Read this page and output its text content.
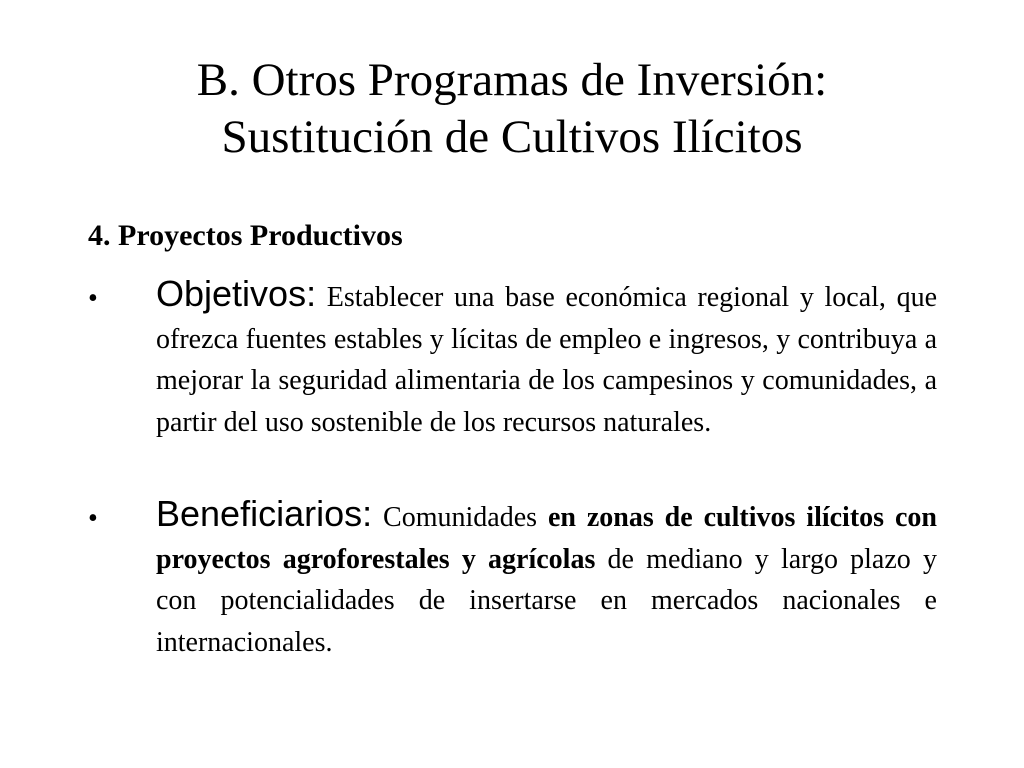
B. Otros Programas de Inversión:
Sustitución de Cultivos Ilícitos
4. Proyectos Productivos
• Objetivos: Establecer una base económica regional y local, que ofrezca fuentes estables y lícitas de empleo e ingresos, y contribuya a mejorar la seguridad alimentaria de los campesinos y comunidades, a partir del uso sostenible de los recursos naturales.

• Beneficiarios: Comunidades en zonas de cultivos ilícitos con proyectos agroforestales y agrícolas de mediano y largo plazo y con potencialidades de insertarse en mercados nacionales e internacionales.
